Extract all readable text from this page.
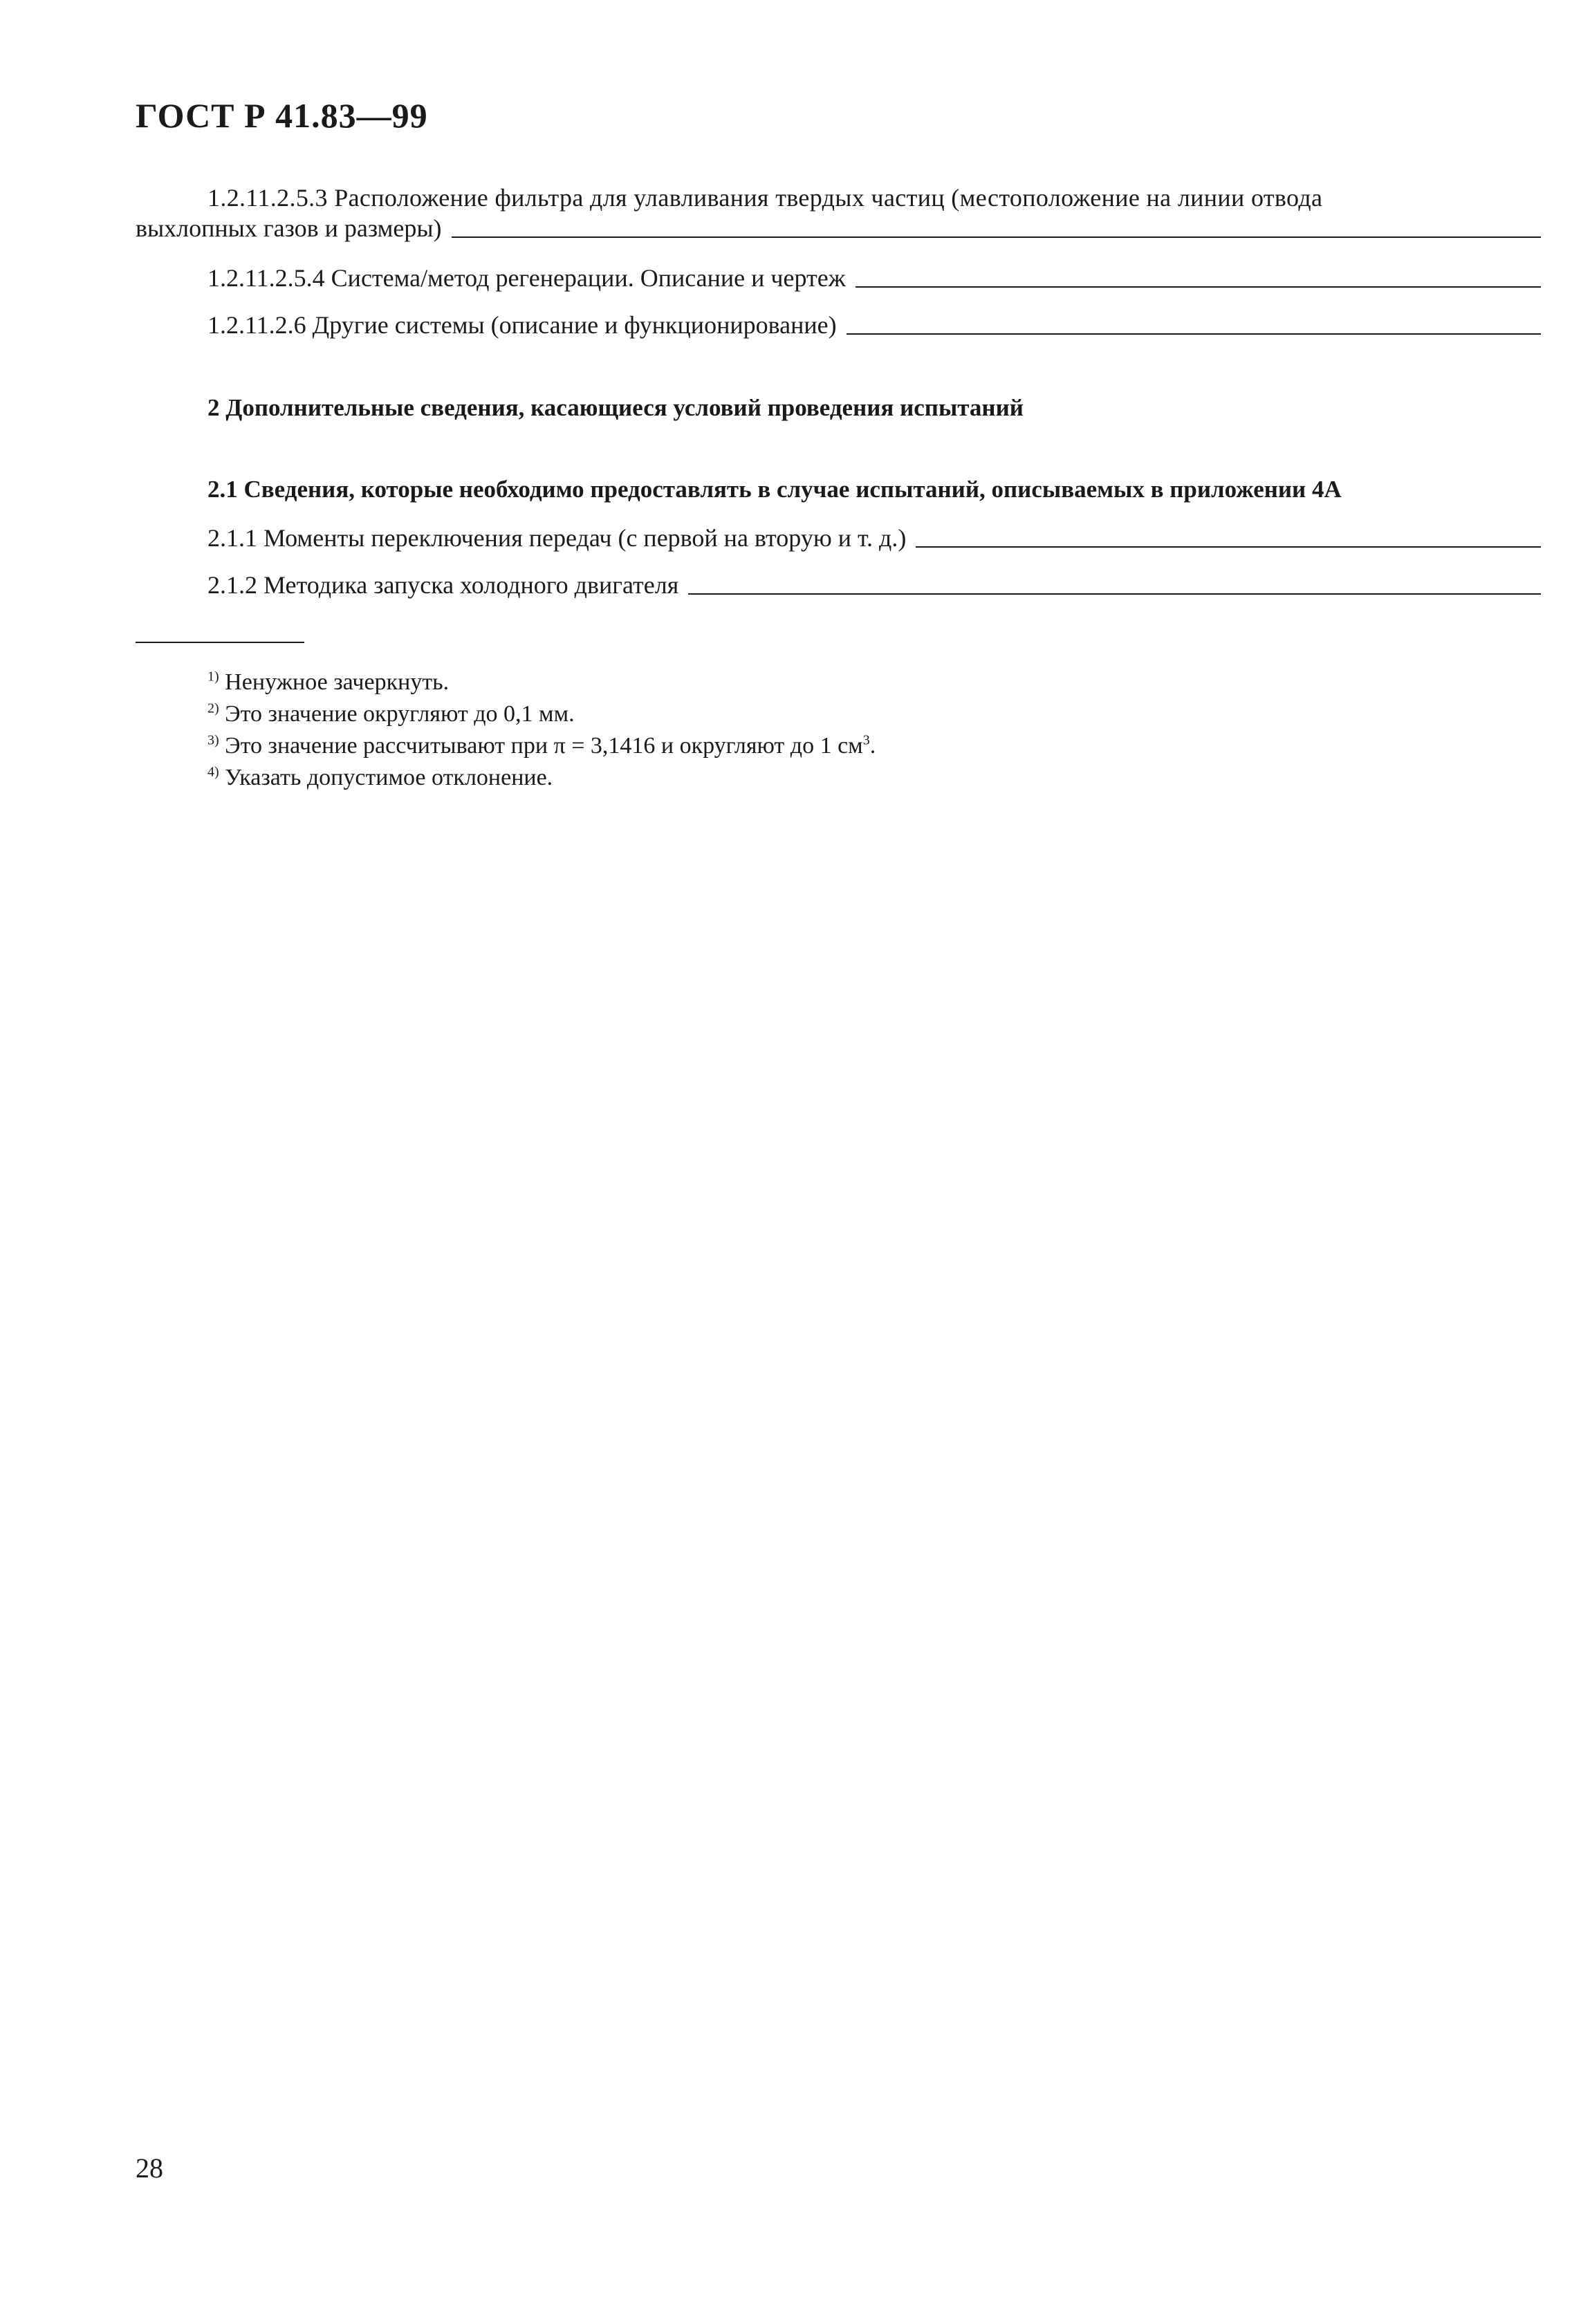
ГОСТ Р 41.83—99
1.2.11.2.5.3 Расположение фильтра для улавливания твердых частиц (местоположение на линии отвода
выхлопных газов и размеры)
1.2.11.2.5.4 Система/метод регенерации. Описание и чертеж
1.2.11.2.6 Другие системы (описание и функционирование)
2 Дополнительные сведения, касающиеся условий проведения испытаний
2.1 Сведения, которые необходимо предоставлять в случае испытаний, описываемых в приложении 4А
2.1.1 Моменты переключения передач (с первой на вторую и т. д.)
2.1.2 Методика запуска холодного двигателя
$^{1)}$ Ненужное зачеркнуть.
$^{2)}$ Это значение округляют до 0,1 мм.
$^{3)}$ Это значение рассчитывают при π = 3,1416 и округляют до 1 $см^3$.
$^{4)}$ Указать допустимое отклонение.
28
